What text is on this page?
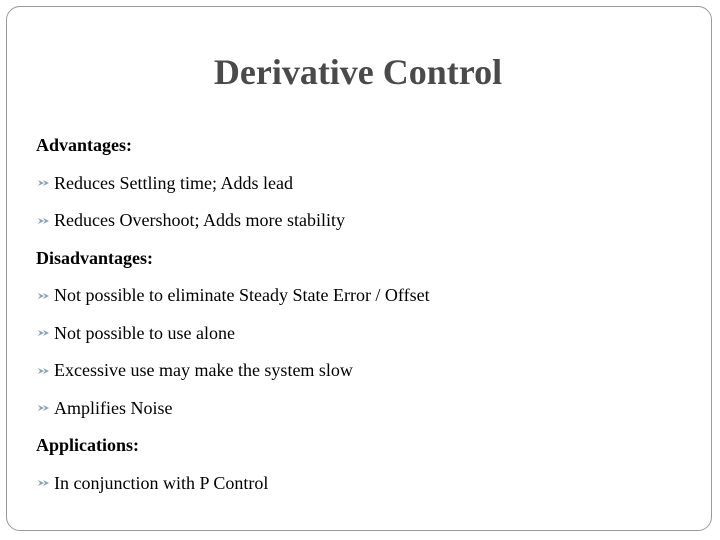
Derivative Control
Advantages:
Reduces Settling time; Adds lead
Reduces Overshoot; Adds more stability
Disadvantages:
Not possible to eliminate Steady State Error / Offset
Not possible to use alone
Excessive use may make the system slow
Amplifies Noise
Applications:
In conjunction with P Control
